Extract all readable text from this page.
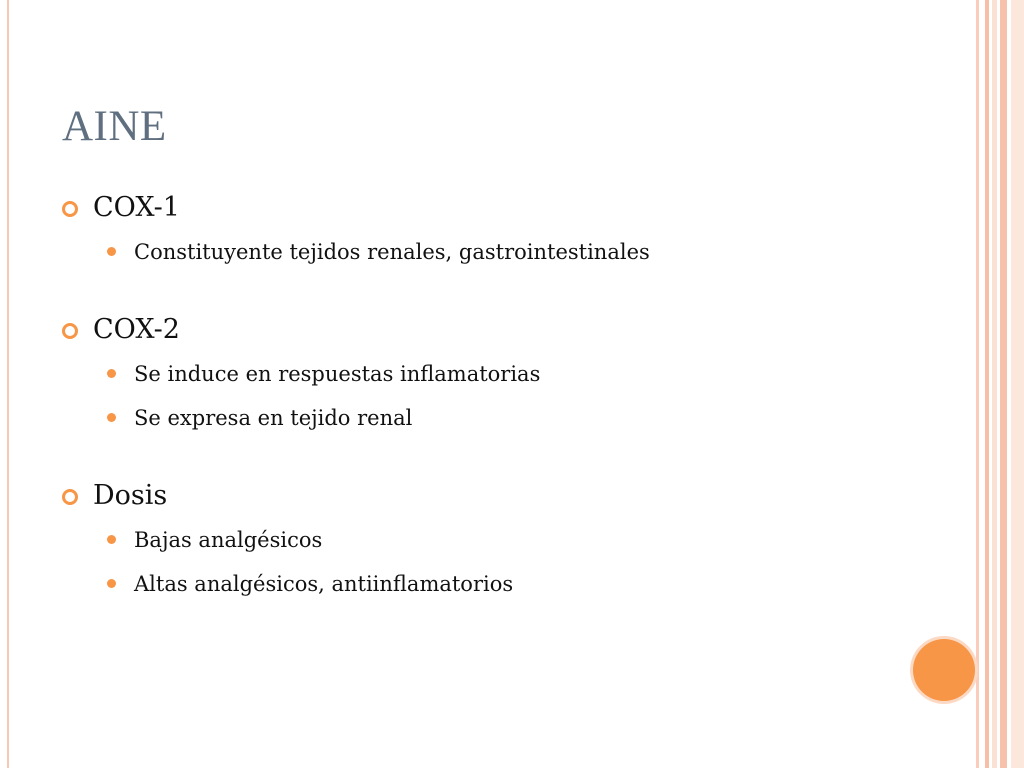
AINE
COX-1
Constituyente tejidos renales, gastrointestinales
COX-2
Se induce en respuestas inflamatorias
Se expresa en tejido renal
Dosis
Bajas analgésicos
Altas analgésicos, antiinflamatorios
